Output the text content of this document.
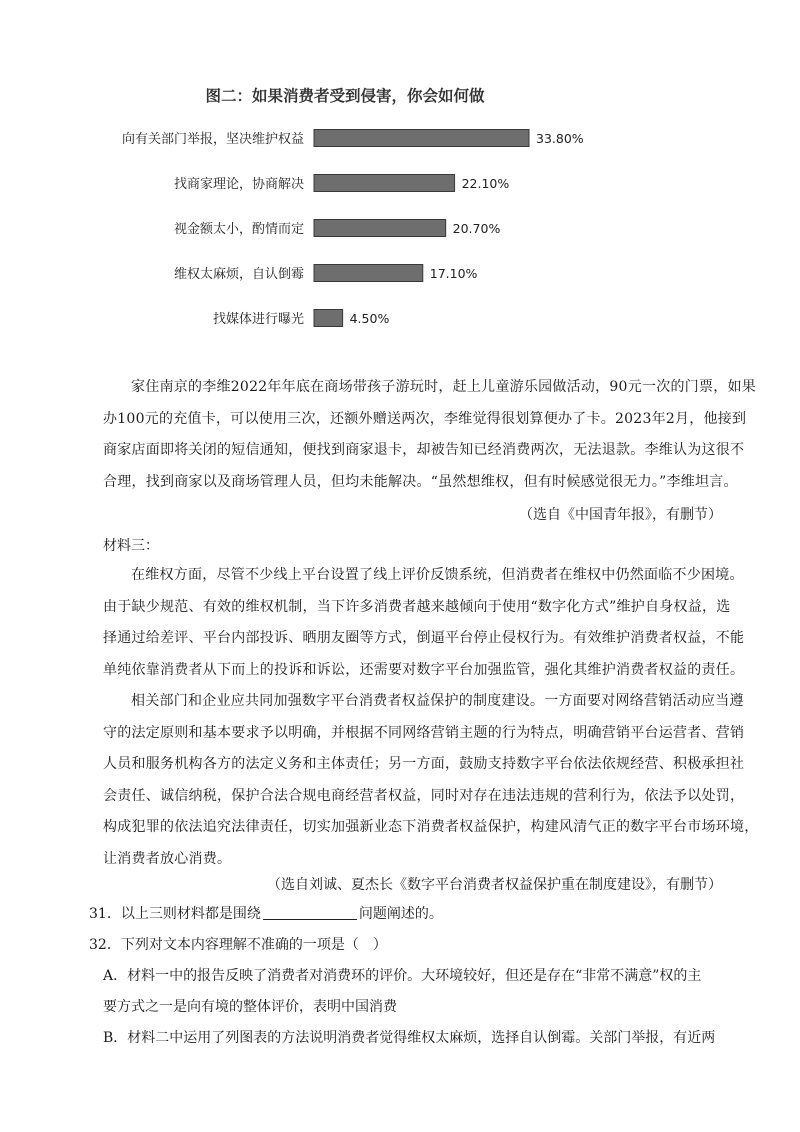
图二：如果消费者受到侵害，你会如何做
向有关部门举报，坚决维护权益	33.80%
找商家理论，协商解决	22.10%
视金额太小，酌情而定	20.70%
维权太麻烦，自认倒霉	17.10%
找媒体进行曝光	4.50%
家住南京的李维2022年年底在商场带孩子游玩时，赶上儿童游乐园做活动，90元一次的门票，如果
办100元的充值卡，可以使用三次，还额外赠送两次，李维觉得很划算便办了卡。2023年2月，他接到
商家店面即将关闭的短信通知，便找到商家退卡，却被告知已经消费两次，无法退款。李维认为这很不
合理，找到商家以及商场管理人员，但均未能解决。“虽然想维权，但有时候感觉很无力。”李维坦言。
（选自《中国青年报》，有删节）
材料三：
在维权方面，尽管不少线上平台设置了线上评价反馈系统，但消费者在维权中仍然面临不少困境。
由于缺少规范、有效的维权机制，当下许多消费者越来越倾向于使用“数字化方式”维护自身权益，选
择通过给差评、平台内部投诉、晒朋友圈等方式，倒逼平台停止侵权行为。有效维护消费者权益，不能
单纯依靠消费者从下而上的投诉和诉讼，还需要对数字平台加强监管，强化其维护消费者权益的责任。
相关部门和企业应共同加强数字平台消费者权益保护的制度建设。一方面要对网络营销活动应当遵
守的法定原则和基本要求予以明确，并根据不同网络营销主题的行为特点，明确营销平台运营者、营销
人员和服务机构各方的法定义务和主体责任；另一方面，鼓励支持数字平台依法依规经营、积极承担社
会责任、诚信纳税，保护合法合规电商经营者权益，同时对存在违法违规的营利行为，依法予以处罚，
构成犯罪的依法追究法律责任，切实加强新业态下消费者权益保护，构建风清气正的数字平台市场环境，
让消费者放心消费。
（选自刘诚、夏杰长《数字平台消费者权益保护重在制度建设》，有删节）
31．以上三则材料都是围绕	问题阐述的。
32．下列对文本内容理解不准确的一项是（　）
A．材料一中的报告反映了消费者对消费环的评价。大环境较好，但还是存在“非常不满意”权的主
要方式之一是向有境的整体评价，表明中国消费
B．材料二中运用了列图表的方法说明消费者觉得维权太麻烦，选择自认倒霉。关部门举报，有近两
